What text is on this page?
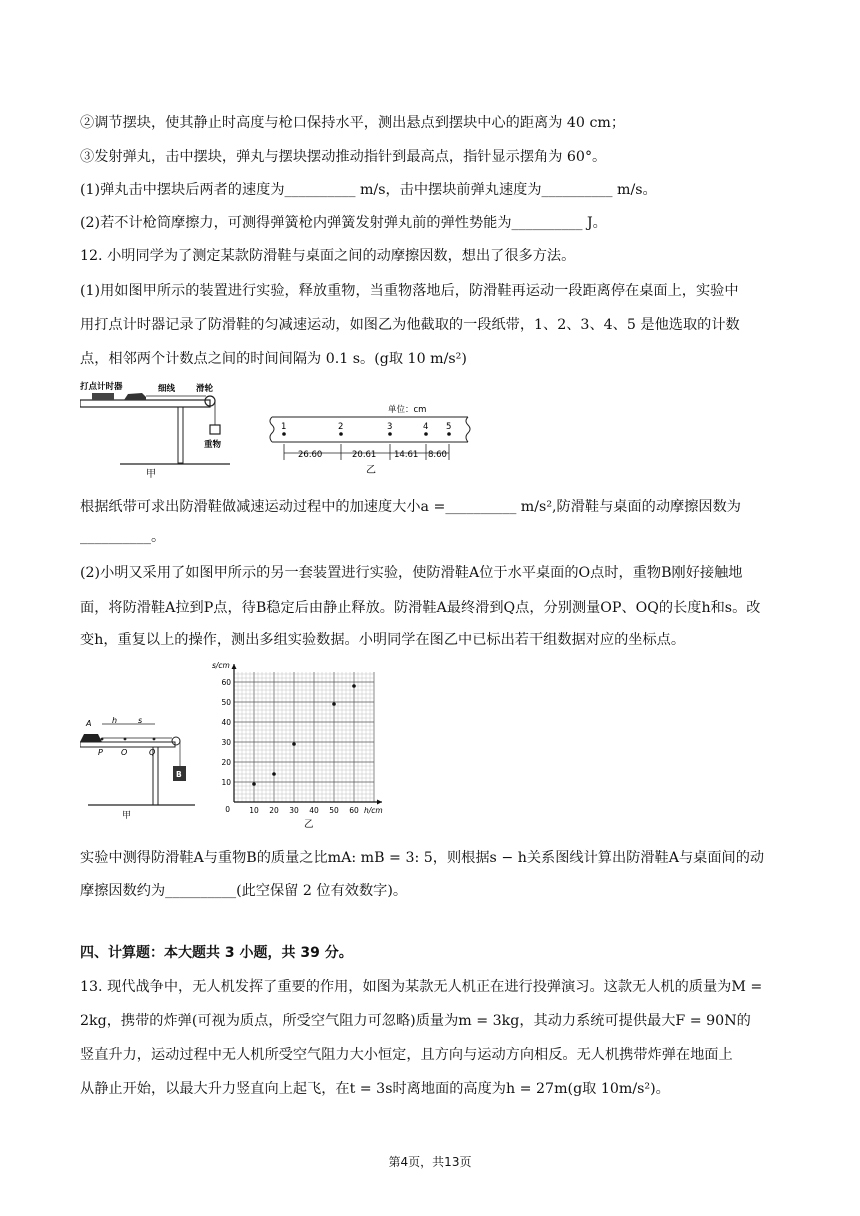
②调节摆块，使其静止时高度与枪口保持水平，测出悬点到摆块中心的距离为 40 cm；
③发射弹丸，击中摆块，弹丸与摆块摆动推动指针到最高点，指针显示摆角为 60°。
(1)弹丸击中摆块后两者的速度为__________ m/s，击中摆块前弹丸速度为__________ m/s。
(2)若不计枪筒摩擦力，可测得弹簧枪内弹簧发射弹丸前的弹性势能为__________ J。
12. 小明同学为了测定某款防滑鞋与桌面之间的动摩擦因数，想出了很多方法。
(1)用如图甲所示的装置进行实验，释放重物，当重物落地后，防滑鞋再运动一段距离停在桌面上，实验中
用打点计时器记录了防滑鞋的匀减速运动，如图乙为他截取的一段纸带，1、2、3、4、5 是他选取的计数
点，相邻两个计数点之间的时间间隔为 0.1 s。(g取 10 m/s²)
打点计时器	细线 滑轮
重物
甲
单位：cm
1	2	3	4 5
26.60	20.61 14.61 8.60
乙
根据纸带可求出防滑鞋做减速运动过程中的加速度大小a =__________ m/s²,防滑鞋与桌面的动摩擦因数为
__________。
(2)小明又采用了如图甲所示的另一套装置进行实验，使防滑鞋A位于水平桌面的O点时，重物B刚好接触地
面，将防滑鞋A拉到P点，待B稳定后由静止释放。防滑鞋A最终滑到Q点，分别测量OP、OQ的长度h和s。改
变h，重复以上的操作，测出多组实验数据。小明同学在图乙中已标出若干组数据对应的坐标点。
A	h	s
P O	Q
B
甲
10 20 30 40 50 60
10
20
30
40
50
60
0	h/cm
s/cm
乙
实验中测得防滑鞋A与重物B的质量之比mA: mB = 3: 5，则根据s − h关系图线计算出防滑鞋A与桌面间的动
摩擦因数约为__________(此空保留 2 位有效数字)。
四、计算题：本大题共 3 小题，共 39 分。
13. 现代战争中，无人机发挥了重要的作用，如图为某款无人机正在进行投弹演习。这款无人机的质量为M =
2kg，携带的炸弹(可视为质点，所受空气阻力可忽略)质量为m = 3kg，其动力系统可提供最大F = 90N的
竖直升力，运动过程中无人机所受空气阻力大小恒定，且方向与运动方向相反。无人机携带炸弹在地面上
从静止开始，以最大升力竖直向上起飞，在t = 3s时离地面的高度为h = 27m(g取 10m/s²)。
第4页，共13页
